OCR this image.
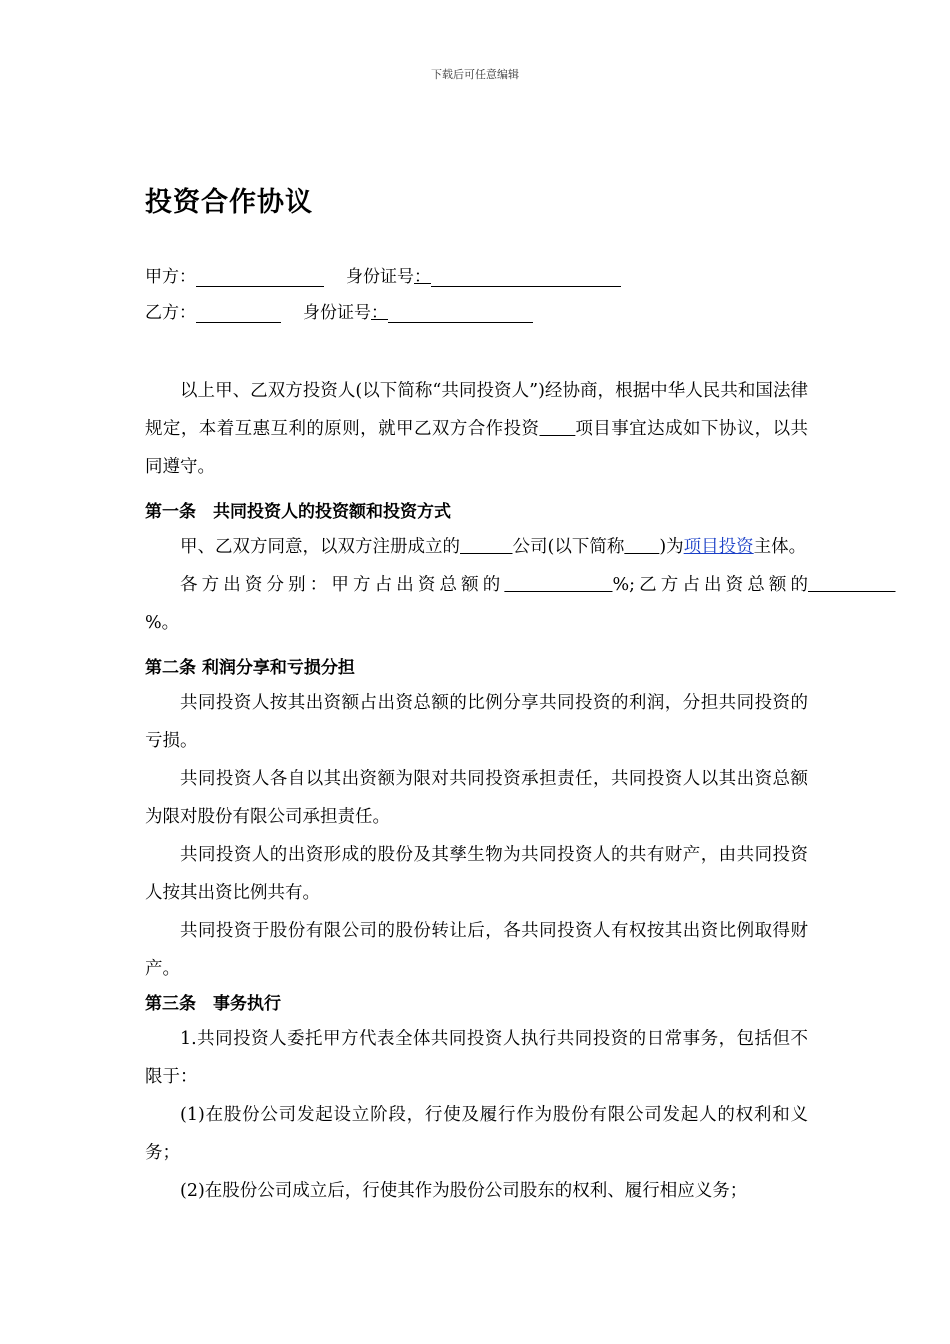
下载后可任意编辑
投资合作协议
甲方：	身份证号：
乙方：	身份证号：

以上甲、乙双方投资人(以下简称“共同投资人”)经协商，根据中华人民共和国法律规定，本着互惠互利的原则，就甲乙双方合作投资　　 项目事宜达成如下协议，以共同遵守。

第一条　共同投资人的投资额和投资方式

甲、乙双方同意，以双方注册成立的　　　	公司(以下简称　　 )为项目投资主体。

各方出资分别：甲方占出资总额的　　　　　	%;乙方占出资总额的　　　　　%。

第二条 利润分享和亏损分担

共同投资人按其出资额占出资总额的比例分享共同投资的利润，分担共同投资的亏损。

共同投资人各自以其出资额为限对共同投资承担责任，共同投资人以其出资总额为限对股份有限公司承担责任。

共同投资人的出资形成的股份及其孳生物为共同投资人的共有财产，由共同投资人按其出资比例共有。

共同投资于股份有限公司的股份转让后，各共同投资人有权按其出资比例取得财产。

第三条　事务执行

1.共同投资人委托甲方代表全体共同投资人执行共同投资的日常事务，包括但不限于：

(1)在股份公司发起设立阶段，行使及履行作为股份有限公司发起人的权利和义务；

(2)在股份公司成立后，行使其作为股份公司股东的权利、履行相应义务；
